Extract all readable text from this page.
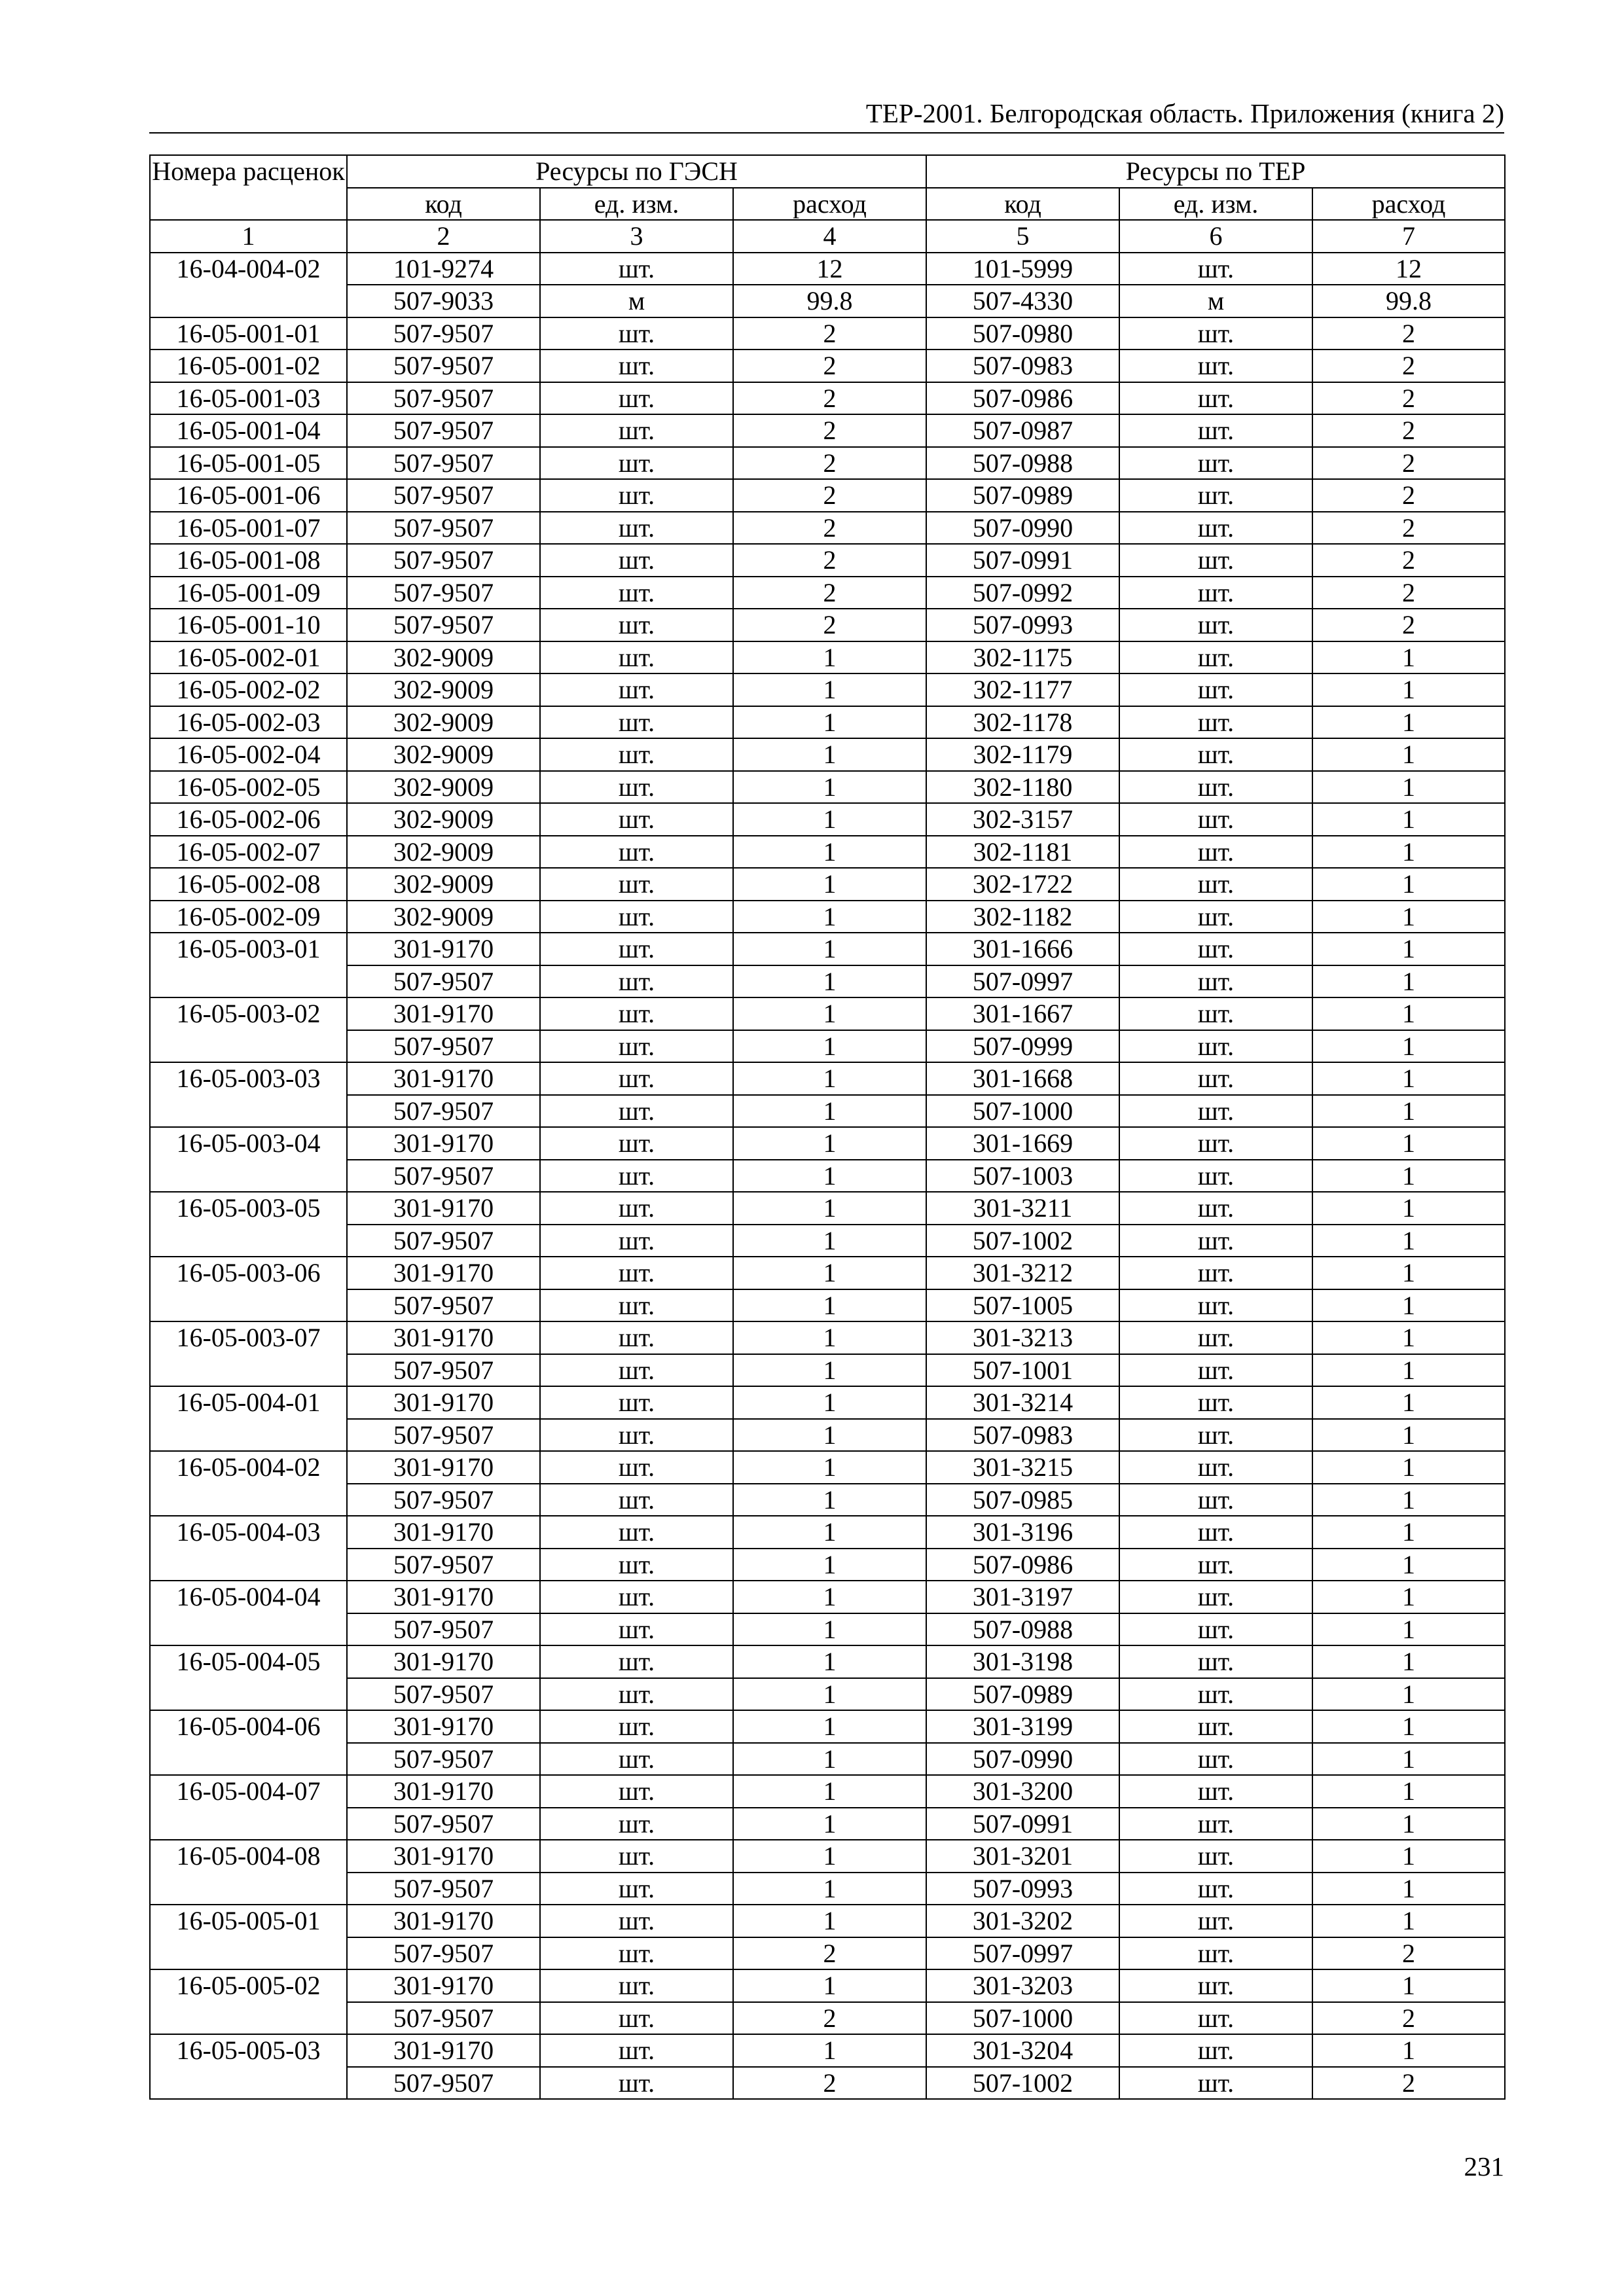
ТЕР-2001. Белгородская область. Приложения (книга 2)
Номера расценок	Ресурсы по ГЭСН			Ресурсы по ТЕР		
	код	ед. изм.	расход	код	ед. изм.	расход
1	2	3	4	5	6	7
16-04-004-02	101-9274	шт.	12	101-5999	шт.	12
	507-9033	м	99.8	507-4330	м	99.8
16-05-001-01	507-9507	шт.	2	507-0980	шт.	2
16-05-001-02	507-9507	шт.	2	507-0983	шт.	2
16-05-001-03	507-9507	шт.	2	507-0986	шт.	2
16-05-001-04	507-9507	шт.	2	507-0987	шт.	2
16-05-001-05	507-9507	шт.	2	507-0988	шт.	2
16-05-001-06	507-9507	шт.	2	507-0989	шт.	2
16-05-001-07	507-9507	шт.	2	507-0990	шт.	2
16-05-001-08	507-9507	шт.	2	507-0991	шт.	2
16-05-001-09	507-9507	шт.	2	507-0992	шт.	2
16-05-001-10	507-9507	шт.	2	507-0993	шт.	2
16-05-002-01	302-9009	шт.	1	302-1175	шт.	1
16-05-002-02	302-9009	шт.	1	302-1177	шт.	1
16-05-002-03	302-9009	шт.	1	302-1178	шт.	1
16-05-002-04	302-9009	шт.	1	302-1179	шт.	1
16-05-002-05	302-9009	шт.	1	302-1180	шт.	1
16-05-002-06	302-9009	шт.	1	302-3157	шт.	1
16-05-002-07	302-9009	шт.	1	302-1181	шт.	1
16-05-002-08	302-9009	шт.	1	302-1722	шт.	1
16-05-002-09	302-9009	шт.	1	302-1182	шт.	1
16-05-003-01	301-9170	шт.	1	301-1666	шт.	1
	507-9507	шт.	1	507-0997	шт.	1
16-05-003-02	301-9170	шт.	1	301-1667	шт.	1
	507-9507	шт.	1	507-0999	шт.	1
16-05-003-03	301-9170	шт.	1	301-1668	шт.	1
	507-9507	шт.	1	507-1000	шт.	1
16-05-003-04	301-9170	шт.	1	301-1669	шт.	1
	507-9507	шт.	1	507-1003	шт.	1
16-05-003-05	301-9170	шт.	1	301-3211	шт.	1
	507-9507	шт.	1	507-1002	шт.	1
16-05-003-06	301-9170	шт.	1	301-3212	шт.	1
	507-9507	шт.	1	507-1005	шт.	1
16-05-003-07	301-9170	шт.	1	301-3213	шт.	1
	507-9507	шт.	1	507-1001	шт.	1
16-05-004-01	301-9170	шт.	1	301-3214	шт.	1
	507-9507	шт.	1	507-0983	шт.	1
16-05-004-02	301-9170	шт.	1	301-3215	шт.	1
	507-9507	шт.	1	507-0985	шт.	1
16-05-004-03	301-9170	шт.	1	301-3196	шт.	1
	507-9507	шт.	1	507-0986	шт.	1
16-05-004-04	301-9170	шт.	1	301-3197	шт.	1
	507-9507	шт.	1	507-0988	шт.	1
16-05-004-05	301-9170	шт.	1	301-3198	шт.	1
	507-9507	шт.	1	507-0989	шт.	1
16-05-004-06	301-9170	шт.	1	301-3199	шт.	1
	507-9507	шт.	1	507-0990	шт.	1
16-05-004-07	301-9170	шт.	1	301-3200	шт.	1
	507-9507	шт.	1	507-0991	шт.	1
16-05-004-08	301-9170	шт.	1	301-3201	шт.	1
	507-9507	шт.	1	507-0993	шт.	1
16-05-005-01	301-9170	шт.	1	301-3202	шт.	1
	507-9507	шт.	2	507-0997	шт.	2
16-05-005-02	301-9170	шт.	1	301-3203	шт.	1
	507-9507	шт.	2	507-1000	шт.	2
16-05-005-03	301-9170	шт.	1	301-3204	шт.	1
	507-9507	шт.	2	507-1002	шт.	2
231
